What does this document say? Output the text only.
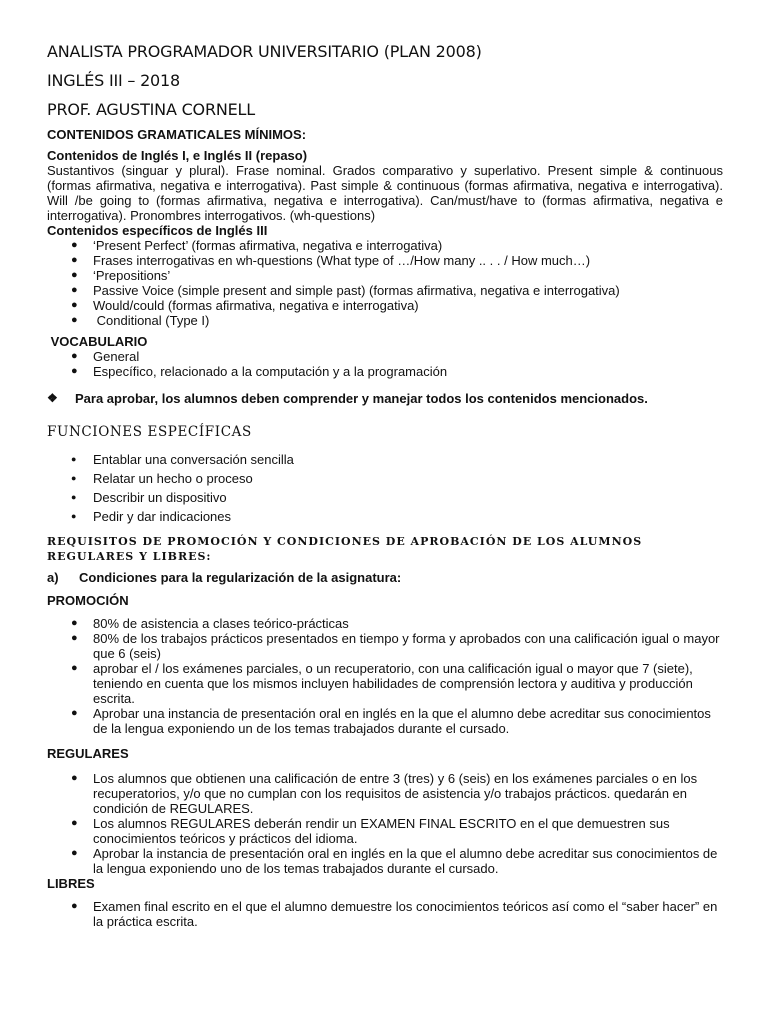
ANALISTA PROGRAMADOR UNIVERSITARIO (PLAN 2008)

INGLÉS III – 2018

PROF. AGUSTINA CORNELL

CONTENIDOS GRAMATICALES MÍNIMOS:

Contenidos de Inglés I, e Inglés II (repaso)

Sustantivos (singuar y plural). Frase nominal. Grados comparativo y superlativo. Present simple & continuous (formas afirmativa, negativa e interrogativa). Past simple & continuous (formas afirmativa, negativa e interrogativa). Will /be going to (formas afirmativa, negativa e interrogativa). Can/must/have to (formas afirmativa, negativa e interrogativa). Pronombres interrogativos. (wh-questions)

Contenidos específicos de Inglés III

● ‘Present Perfect’ (formas afirmativa, negativa e interrogativa)
● Frases interrogativas en wh-questions (What type of …/How many .. . . / How much…)
● ‘Prepositions’
● Passive Voice (simple present and simple past) (formas afirmativa, negativa e interrogativa)
● Would/could (formas afirmativa, negativa e interrogativa)
● Conditional (Type I)

VOCABULARIO

● General
● Específico, relacionado a la computación y a la programación
❖ Para aprobar, los alumnos deben comprender y manejar todos los contenidos mencionados.

FUNCIONES ESPECÍFICAS

● Entablar una conversación sencilla
● Relatar un hecho o proceso
● Describir un dispositivo
● Pedir y dar indicaciones

REQUISITOS DE PROMOCIÓN Y CONDICIONES DE APROBACIÓN DE LOS ALUMNOS REGULARES Y LIBRES:

a) Condiciones para la regularización de la asignatura:

PROMOCIÓN

● 80% de asistencia a clases teórico-prácticas
● 80% de los trabajos prácticos presentados en tiempo y forma y aprobados con una calificación igual o mayor que 6 (seis)
● aprobar el / los exámenes parciales, o un recuperatorio, con una calificación igual o mayor que 7 (siete), teniendo en cuenta que los mismos incluyen habilidades de comprensión lectora y auditiva y producción escrita.
● Aprobar una instancia de presentación oral en inglés en la que el alumno debe acreditar sus conocimientos de la lengua exponiendo un de los temas trabajados durante el cursado.

REGULARES

● Los alumnos que obtienen una calificación de entre 3 (tres) y 6 (seis) en los exámenes parciales o en los recuperatorios, y/o que no cumplan con los requisitos de asistencia y/o trabajos prácticos. quedarán en condición de REGULARES.
● Los alumnos REGULARES deberán rendir un EXAMEN FINAL ESCRITO en el que demuestren sus conocimientos teóricos y prácticos del idioma.
● Aprobar la instancia de presentación oral en inglés en la que el alumno debe acreditar sus conocimientos de la lengua exponiendo uno de los temas trabajados durante el cursado.

LIBRES

● Examen final escrito en el que el alumno demuestre los conocimientos teóricos así como el “saber hacer” en la práctica escrita.
